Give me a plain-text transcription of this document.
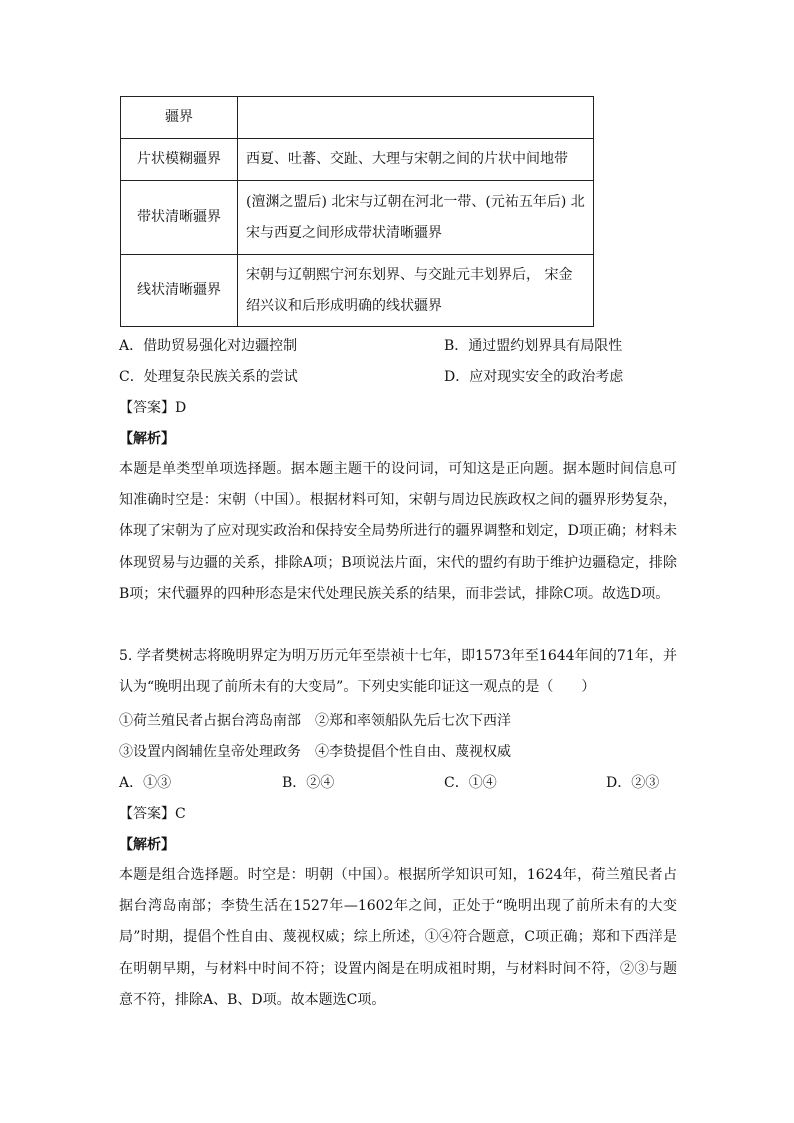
疆界	
片状模糊疆界	西夏、吐蕃、交趾、大理与宋朝之间的片状中间地带
带状清晰疆界	(澶渊之盟后) 北宋与辽朝在河北一带、(元祐五年后) 北宋与西夏之间形成带状清晰疆界
线状清晰疆界	宋朝与辽朝熙宁河东划界、与交趾元丰划界后， 宋金绍兴议和后形成明确的线状疆界
A．借助贸易强化对边疆控制	B．通过盟约划界具有局限性
C．处理复杂民族关系的尝试	D．应对现实安全的政治考虑
【答案】D
【解析】
本题是单类型单项选择题。据本题主题干的设问词，可知这是正向题。据本题时间信息可知准确时空是：宋朝（中国）。根据材料可知，宋朝与周边民族政权之间的疆界形势复杂，体现了宋朝为了应对现实政治和保持安全局势所进行的疆界调整和划定，D项正确；材料未体现贸易与边疆的关系，排除A项；B项说法片面，宋代的盟约有助于维护边疆稳定，排除B项；宋代疆界的四种形态是宋代处理民族关系的结果，而非尝试，排除C项。故选D项。
5. 学者樊树志将晚明界定为明万历元年至崇祯十七年，即1573年至1644年间的71年，并认为“晚明出现了前所未有的大变局”。下列史实能印证这一观点的是（　　）
①荷兰殖民者占据台湾岛南部　②郑和率领船队先后七次下西洋
③设置内阁辅佐皇帝处理政务　④李贽提倡个性自由、蔑视权威
A．①③	B．②④	C．①④	D．②③
【答案】C
【解析】
本题是组合选择题。时空是：明朝（中国）。根据所学知识可知，1624年，荷兰殖民者占据台湾岛南部；李贽生活在1527年—1602年之间，正处于“晚明出现了前所未有的大变局”时期，提倡个性自由、蔑视权威；综上所述，①④符合题意，C项正确；郑和下西洋是在明朝早期，与材料中时间不符；设置内阁是在明成祖时期，与材料时间不符，②③与题意不符，排除A、B、D项。故本题选C项。
